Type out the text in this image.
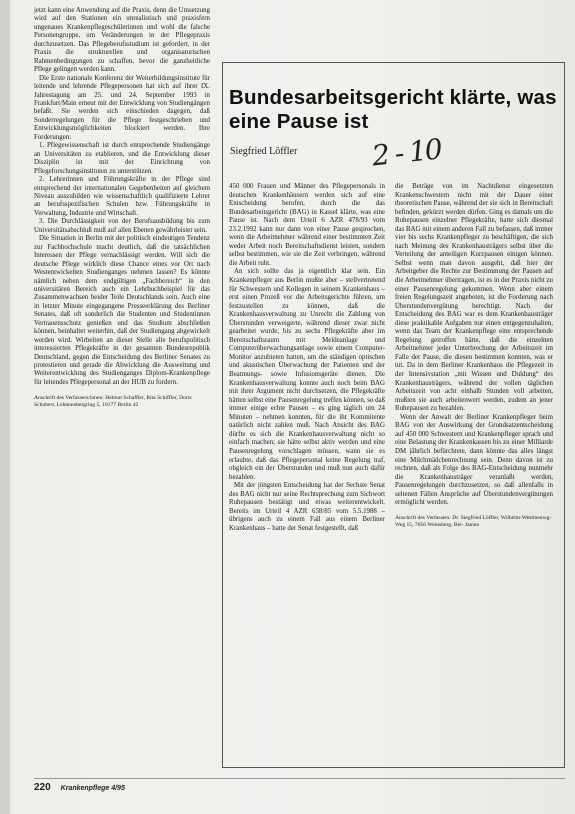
jetzt kann eine Anwendung auf die Praxis, denn die Umsetzung wird auf den Stationen ein unrealistisch und praxisfern ungenaues Krankenpflegeschülerinnen und wohl die falsche Personengruppe, um Veränderungen in der Pflegepraxis durchzusetzen. Das Pflegeberufsstudium ist gefordert, in der Praxis die strukturellen und organisatorischen Rahmenbedingungen zu schaffen, bevor die ganzheitliche Pflege gelingen werden kann.

Die Erste nationale Konferenz der Weiterbildungsinstitute für leitende und lehrende Pflegepersonen hat sich auf ihrer IX. Jahrestagung am 25. und 24. September 1993 in Frankfurt/Main erneut mit der Entwicklung von Studiengängen befaßt. Sie werden sich einschieden dagegen, daß Sonderregelungen für die Pflege festgeschrieben und Entwicklungsmöglichkeiten blockiert werden. Ihre Forderungen:

1. Pflegewissenschaft ist durch entsprechende Studiengänge an Universitäten zu etablieren, und die Entwicklung dieser Disziplin ist mit der Einrichtung von Pflegeforschungsinstituten zu unterstützen.

2. Lehrerinnen und Führungskräfte in der Pflege sind entsprechend der internationalen Gegebenheiten auf gleichem Niveau auszubilden wie wissenschaftlich qualifizierte Lehrer an berufsspezifischen Schulen bzw. Führungskräfte in Verwaltung, Industrie und Wirtschaft.

3. Die Durchlässigkeit von der Berufsausbildung bis zum Universitätsabschluß muß auf allen Ebenen gewährleistet sein.

Die Situation in Berlin mit der politisch eindeutigen Tendenz zur Fachhochschule macht deutlich, daß die tatsächlichen Interessen der Pflege vernachlässigt werden. Will sich die deutsche Pflege wirklich diese Chance eines vor Ort nach Westentwickelten Studienganges nehmen lassen? Es könnte nämlich neben dem endgültigen „Fachbereich“ in den universitären Bereich auch ein Lehrbuchbeispiel für das Zusammenwachsen beider Teile Deutschlands sein. Auch eine in letzter Minute eingegangene Presseerklärung des Berliner Senates, daß oft sonderlich die Studenten und Studentinnen Vertrauensschutz genießen und das Studium abschließen können, beinhaltet weiterhin, daß der Studiengang abgewickelt werden wird. Wirbelten an dieser Stelle alle berufspolitisch interessierten Pflegekräfte in der gesamten Bundesrepublik Deutschland, gegen die Entscheidung des Berliner Senates zu protestieren und gerade die Abwicklung die Ausweitung und Weiterentwicklung des Studienganges Diplom-Krankenpflege für leitendes Pflegepersonal an der HUB zu fordern.

Anschrift des Verfassers/innen: Helmut Schaffler, Rita Schiffler, Doris Schubert, Lehnnenbergring 5, 10177 Berlin 42

Bundesarbeitsgericht klärte, was eine Pause ist

Siegfried Löffler	2 - 10

450 000 Frauen und Männer des Pflegepersonals in deutschen Krankenhäusern werden sich auf eine Entscheidung berufen, durch die das Bundesarbeitsgericht (BAG) in Kassel klärte, was eine Pause ist. Nach dem Urteil 6 AZR 478/93 vom 23.2.1992 kann nur dann von einer Pause gesprochen, wenn die Arbeitnehmer während einer bestimmten Zeit weder Arbeit noch Bereitschaftsdienst leisten, sondern selbst bestimmen, wie sie die Zeit verbringen, während die Arbeit ruht.

An sich sollte das ja eigentlich klar sein. Ein Krankenpfleger aus Berlin mußte aber – stellvertretend für Schwestern und Kollegen in seinem Krankenhaus – erst einen Prozeß vor die Arbeitsgerichte führen, um festzustellen zu können, daß die Krankenhausverwaltung zu Unrecht die Zahlung von Überstunden verweigerte, während dieser zwar nicht gearbeitet wurde, bis zu sechs Pflegekräfte aber im Bereitschaftsraum mit Meldeanlage und Computerüberwachungsanlage sowie einem Computer-Monitor anzubieten hatten, um die ständigen optischen und akustischen Überwachung der Patienten und der Beatmungs- sowie Infusionsgeräte dienen. Die Krankenhausverwaltung konnte auch noch beim BAG mit ihrer Argument nicht durchsetzen, die Pflegekräfte hätten selbst eine Pausenregelung treffen können, so daß immer einige echte Pausen – es ging täglich um 24 Minuten – nehmen konnten, für die ihr Kommitente natürlich nicht zahlen muß. Nach Ansicht des BAG dürfte es sich die Krankenhausverwaltung nicht so einfach machen; sie hätte selbst aktiv werden und eine Pausenregelung vorschlagen müssen, wann sie es erlaubte, daß das Pflegepersonal keine Regelung traf, obgleich ein der Überstunden und muß nun auch dafür bezahlen.

Mit der jüngsten Entscheidung hat der Sechste Senat des BAG nicht nur seine Rechtsprechung zum Sichwort Ruhepausen bestätigt und etwas weiterentwickelt. Bereits im Urteil 4 AZR 658/85 vom 5.5.1988 – übrigens auch zu einem Fall aus einem Berliner Krankenhaus – hatte der Senat festgestellt, daß

die Beträge von im Nachtdienst eingesetzten Krankenschwestern nicht mit der Dauer einer theoretischen Pause, während der sie sich in Bereitschaft befinden, gekürzt werden dürfen. Ging es damals um die Ruhepausen einzelner Pflegekräfte, hatte sich diesmal das BAG mit einem anderen Fall zu befassen, daß immer vier bis sechs Krankenpfleger zu beschäftigen, die sich nach Meinung des Krankenhausträgers selbst über die Verteilung der anteiligen Kurzpausen einigen können. Selbst wenn man davon ausgeht, daß hier der Arbeitgeber die Rechte zur Bestimmung der Pausen auf die Arbeitnehmer übertragen, ist es in der Praxis nicht zu einer Pausenregelung gekommen. Wenn aber einem freien Regelungszeit angeboten, ist die Forderung nach Überstundenvergütung berechtigt. Nach der Entscheidung des BAG war es dem Krankenhausträger diese praktikable Aufgaben nur einen entgegenzuhalten, wenn das Team der Krankenpflege eine entsprechende Regelung getroffen hätte, daß die einzelnen Arbeitnehmer jeder Unterbrechung der Arbeitszeit im Falle der Pause, die diesen bestimmen konnten, was er tut. Da in dem Berliner Krankenhaus die Pflegezeit in der Intensivstation „mit Wissen und Duldung“ des Krankenhausträgers, während der vollen täglichen Arbeitszeit von acht einhalb Stunden voll arbeiten, mußten sie auch arbeitenwert werden, zudem an jener Ruhepausen zu bezahlen.

Wenn der Anwalt der Berliner Krankenpfleger beim BAG von der Auswirkung der Grundsatzentscheidung auf 450 000 Schwestern und Krankenpfleger sprach und eine Belastung der Krankenkassen bis zu einer Milliarde DM jährlich befürchtete, dann könnte das alles längst eine Milchmädchenrechnung sein. Denn davon ist zu rechnen, daß als Folge des BAG-Entscheidung nunmehr die Krankenhausträger veranlaßt werden, Pausenregelungen durchzusetzen, so daß allenfalls in seltenen Fällen Ansprüche auf Überstundenvergütungen ermöglicht werden.

Anschrift des Verfassers: Dr. Siegfried Löffler, Wilhelm-Westinenwg-Weg 15, 7056 Weinsberg, Bei- Jamen

220 Krankenpflege 4/95
